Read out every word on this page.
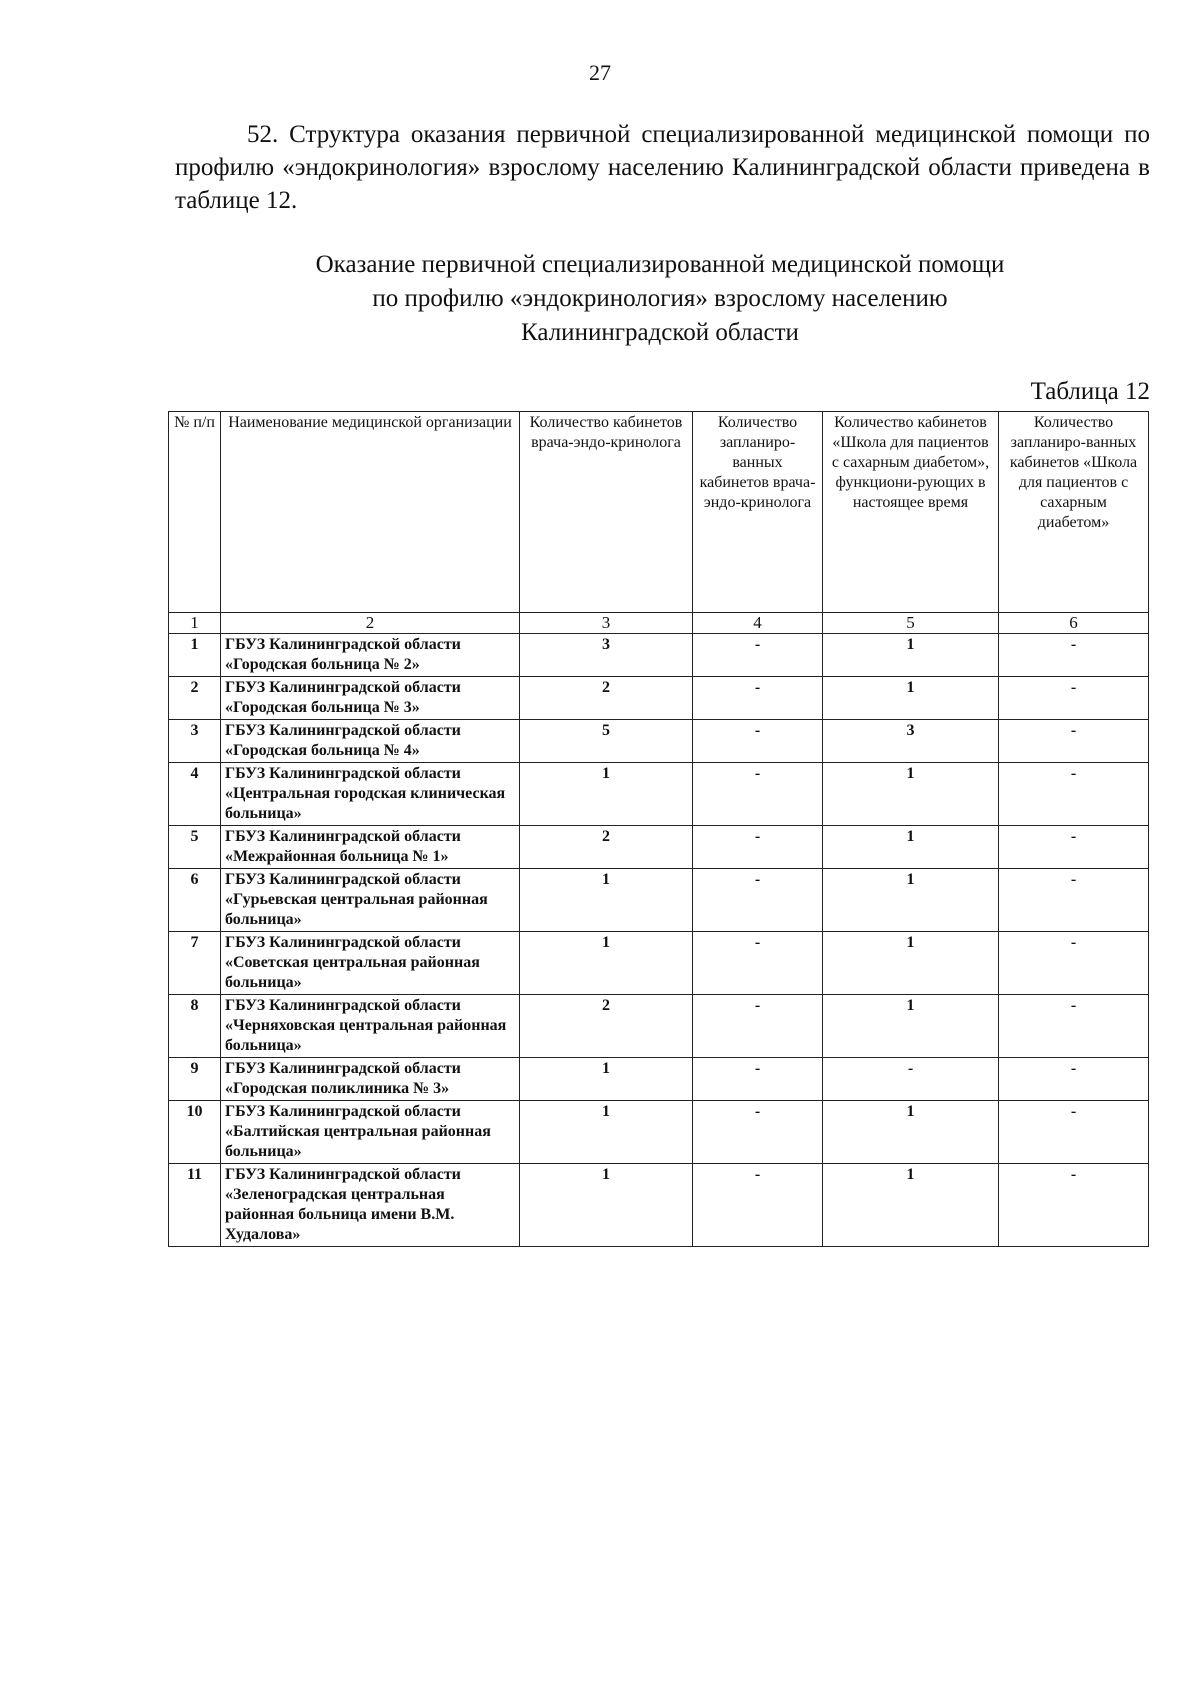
27

52. Структура оказания первичной специализированной медицинской помощи по профилю «эндокринология» взрослому населению Калининградской области приведена в таблице 12.

Оказание первичной специализированной медицинской помощи
по профилю «эндокринология» взрослому населению
Калининградской области
Таблица 12
№ п/п	Наименование медицинской организации	Количество кабинетов врача-эндо-кринолога	Количество запланиро-ванных кабинетов врача-эндо-кринолога	Количество кабинетов «Школа для пациентов с сахарным диабетом», функциони-рующих в настоящее время	Количество запланиро-ванных кабинетов «Школа для пациентов с сахарным диабетом»
1	2	3	4	5	6
1	ГБУЗ Калининградской области «Городская больница № 2»	3	-	1	-
2	ГБУЗ Калининградской области «Городская больница № 3»	2	-	1	-
3	ГБУЗ Калининградской области «Городская больница № 4»	5	-	3	-
4	ГБУЗ Калининградской области «Центральная городская клиническая больница»	1	-	1	-
5	ГБУЗ Калининградской области «Межрайонная больница № 1»	2	-	1	-
6	ГБУЗ Калининградской области «Гурьевская центральная районная больница»	1	-	1	-
7	ГБУЗ Калининградской области «Советская центральная районная больница»	1	-	1	-
8	ГБУЗ Калининградской области «Черняховская центральная районная больница»	2	-	1	-
9	ГБУЗ Калининградской области «Городская поликлиника № 3»	1	-	-	-
10	ГБУЗ Калининградской области «Балтийская центральная районная больница»	1	-	1	-
11	ГБУЗ Калининградской области «Зеленоградская центральная районная больница имени В.М. Худалова»	1	-	1	-
